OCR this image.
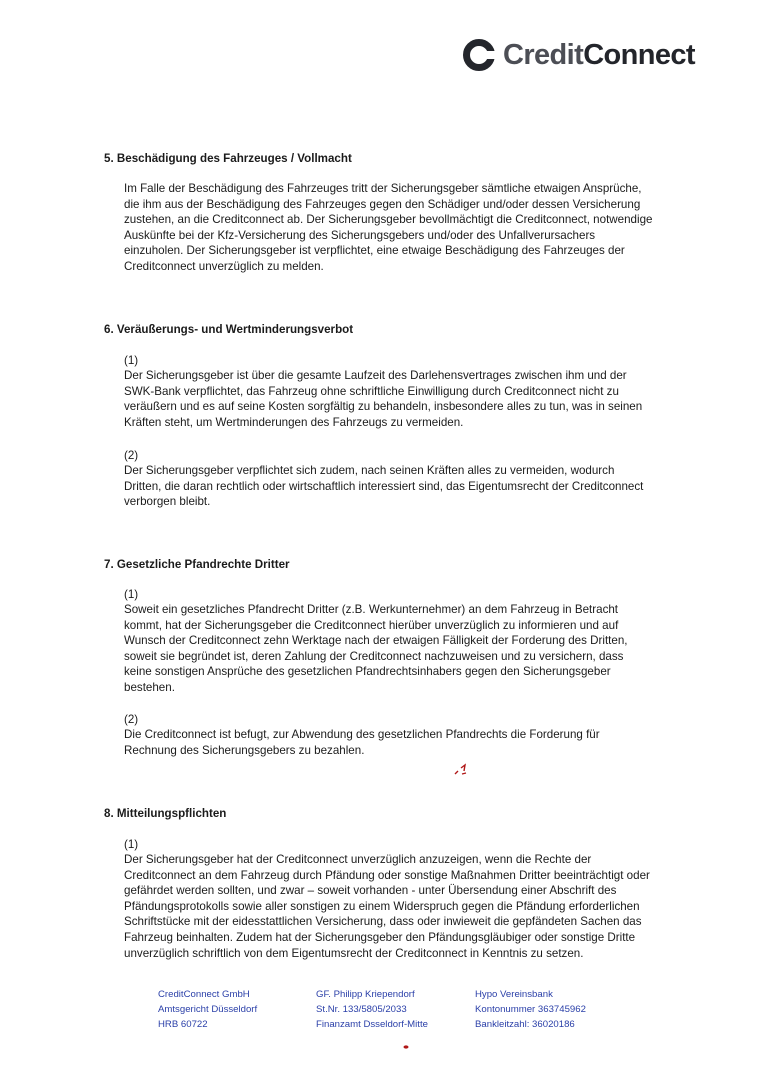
CreditConnect
5. Beschädigung des Fahrzeuges / Vollmacht
Im Falle der Beschädigung des Fahrzeuges tritt der Sicherungsgeber sämtliche etwaigen Ansprüche,
die ihm aus der Beschädigung des Fahrzeuges gegen den Schädiger und/oder dessen Versicherung
zustehen, an die Creditconnect ab. Der Sicherungsgeber bevollmächtigt die Creditconnect, notwendige
Auskünfte bei der Kfz-Versicherung des Sicherungsgebers und/oder des Unfallverursachers
einzuholen. Der Sicherungsgeber ist verpflichtet, eine etwaige Beschädigung des Fahrzeuges der
Creditconnect unverzüglich zu melden.
6. Veräußerungs- und Wertminderungsverbot

(1)

Der Sicherungsgeber ist über die gesamte Laufzeit des Darlehensvertrages zwischen ihm und der
SWK-Bank verpflichtet, das Fahrzeug ohne schriftliche Einwilligung durch Creditconnect nicht zu
veräußern und es auf seine Kosten sorgfältig zu behandeln, insbesondere alles zu tun, was in seinen
Kräften steht, um Wertminderungen des Fahrzeugs zu vermeiden.

(2)

Der Sicherungsgeber verpflichtet sich zudem, nach seinen Kräften alles zu vermeiden, wodurch
Dritten, die daran rechtlich oder wirtschaftlich interessiert sind, das Eigentumsrecht der Creditconnect
verborgen bleibt.
7. Gesetzliche Pfandrechte Dritter

(1)

Soweit ein gesetzliches Pfandrecht Dritter (z.B. Werkunternehmer) an dem Fahrzeug in Betracht
kommt, hat der Sicherungsgeber die Creditconnect hierüber unverzüglich zu informieren und auf
Wunsch der Creditconnect zehn Werktage nach der etwaigen Fälligkeit der Forderung des Dritten,
soweit sie begründet ist, deren Zahlung der Creditconnect nachzuweisen und zu versichern, dass
keine sonstigen Ansprüche des gesetzlichen Pfandrechtsinhabers gegen den Sicherungsgeber
bestehen.

(2)

Die Creditconnect ist befugt, zur Abwendung des gesetzlichen Pfandrechts die Forderung für
Rechnung des Sicherungsgebers zu bezahlen.
8. Mitteilungspflichten

(1)

Der Sicherungsgeber hat der Creditconnect unverzüglich anzuzeigen, wenn die Rechte der
Creditconnect an dem Fahrzeug durch Pfändung oder sonstige Maßnahmen Dritter beeinträchtigt oder
gefährdet werden sollten, und zwar – soweit vorhanden - unter Übersendung einer Abschrift des
Pfändungsprotokolls sowie aller sonstigen zu einem Widerspruch gegen die Pfändung erforderlichen
Schriftstücke mit der eidesstattlichen Versicherung, dass oder inwieweit die gepfändeten Sachen das
Fahrzeug beinhalten. Zudem hat der Sicherungsgeber den Pfändungsgläubiger oder sonstige Dritte
unverzüglich schriftlich von dem Eigentumsrecht der Creditconnect in Kenntnis zu setzen.
CreditConnect GmbH
Amtsgericht Düsseldorf
HRB 60722
GF. Philipp Kriependorf
St.Nr. 133/5805/2033
Finanzamt Dsseldorf-Mitte
Hypo Vereinsbank
Kontonummer 363745962
Bankleitzahl: 36020186
